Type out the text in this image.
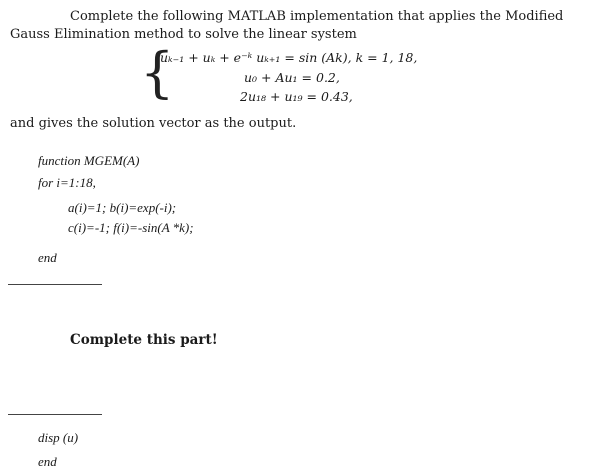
Complete the following MATLAB implementation that applies the Modified
Gauss Elimination method to solve the linear system
{
uₖ₋₁ + uₖ + e⁻ᵏ uₖ₊₁ = sin (Ak), k = 1, 18,
u₀ + Au₁ = 0.2,
2u₁₈ + u₁₉ = 0.43,
and gives the solution vector as the output.
function MGEM(A)
for i=1:18,
a(i)=1; b(i)=exp(-i);
c(i)=-1; f(i)=-sin(A *k);
end
Complete this part!
disp (u)
end
